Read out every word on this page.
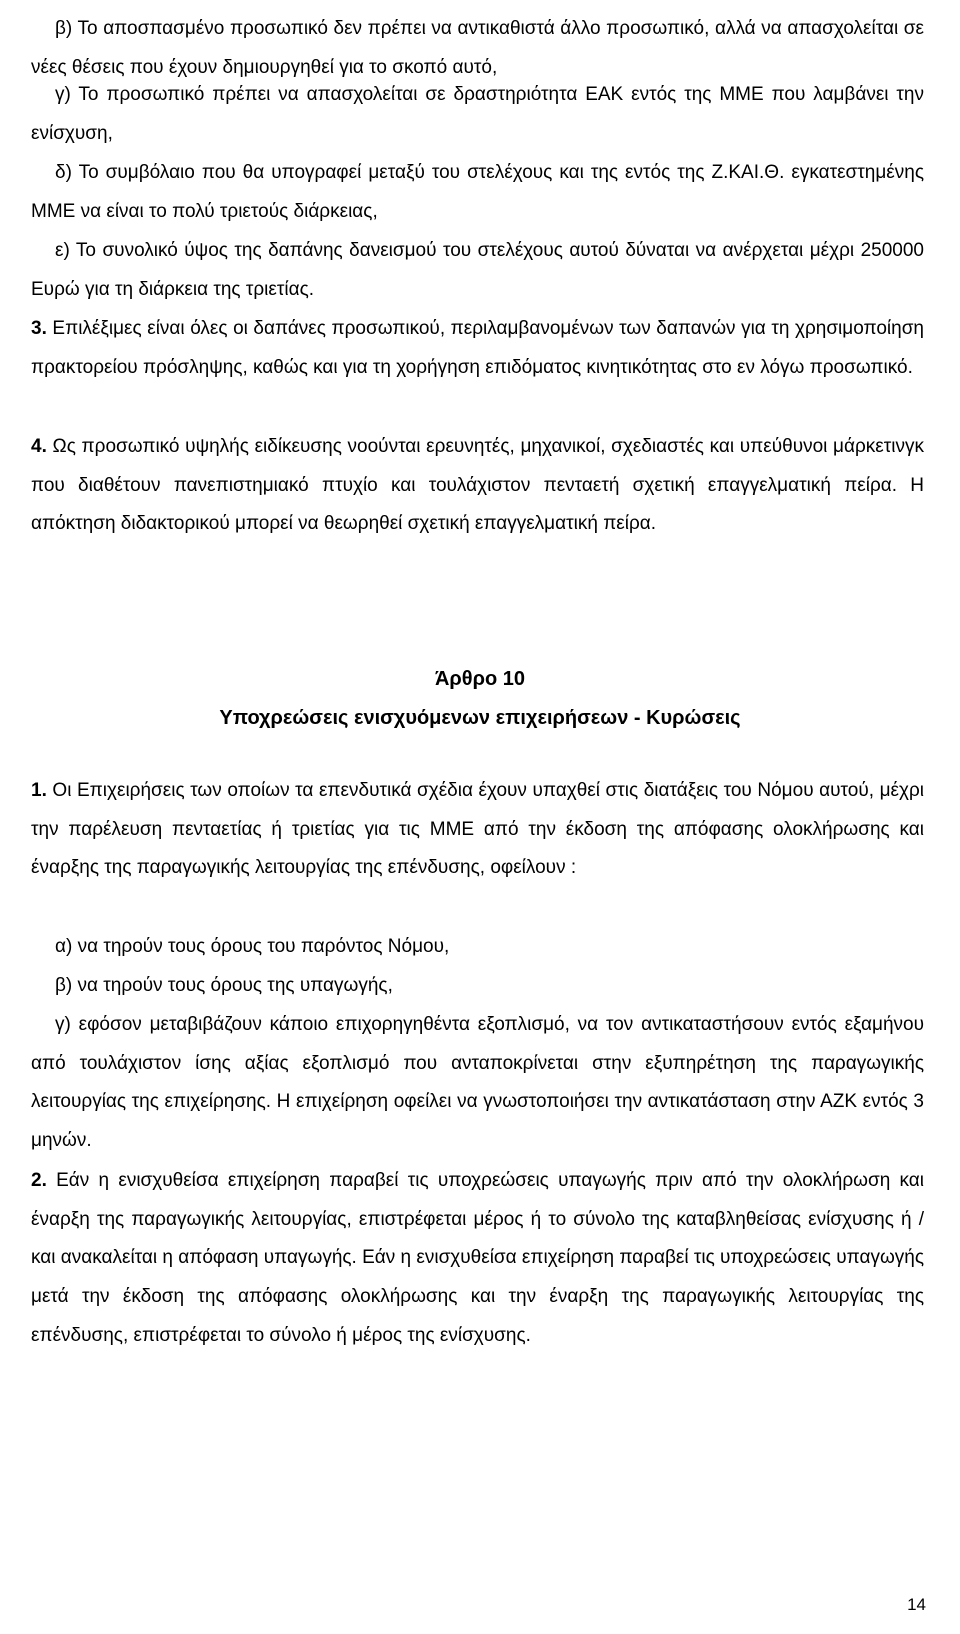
β) Το αποσπασμένο προσωπικό δεν πρέπει να αντικαθιστά άλλο προσωπικό, αλλά να απασχολείται σε νέες θέσεις που έχουν δημιουργηθεί για το σκοπό αυτό,

γ) Το προσωπικό πρέπει να απασχολείται σε δραστηριότητα ΕΑΚ εντός της ΜΜΕ που λαμβάνει την ενίσχυση,

δ) Το συμβόλαιο που θα υπογραφεί μεταξύ του στελέχους και της εντός της Ζ.ΚΑΙ.Θ. εγκατεστημένης ΜΜΕ να είναι το πολύ τριετούς διάρκειας,

ε) Το συνολικό ύψος της δαπάνης δανεισμού του στελέχους αυτού δύναται να ανέρχεται μέχρι 250000 Ευρώ για τη διάρκεια της τριετίας.

3. Επιλέξιμες είναι όλες οι δαπάνες προσωπικού, περιλαμβανομένων των δαπανών για τη χρησιμοποίηση πρακτορείου πρόσληψης, καθώς και για τη χορήγηση επιδόματος κινητικότητας στο εν λόγω προσωπικό.

4. Ως προσωπικό υψηλής ειδίκευσης νοούνται ερευνητές, μηχανικοί, σχεδιαστές και υπεύθυνοι μάρκετινγκ που διαθέτουν πανεπιστημιακό πτυχίο και τουλάχιστον πενταετή σχετική επαγγελματική πείρα. Η απόκτηση διδακτορικού μπορεί να θεωρηθεί σχετική επαγγελματική πείρα.

Άρθρο 10
Υποχρεώσεις ενισχυόμενων επιχειρήσεων - Κυρώσεις

1. Οι Επιχειρήσεις των οποίων τα επενδυτικά σχέδια έχουν υπαχθεί στις διατάξεις του Νόμου αυτού, μέχρι την παρέλευση πενταετίας ή τριετίας για τις ΜΜΕ από την έκδοση της απόφασης ολοκλήρωσης και έναρξης της παραγωγικής λειτουργίας της επένδυσης, οφείλουν :

α) να τηρούν τους όρους του παρόντος Νόμου,

β) να τηρούν τους όρους της υπαγωγής,

γ) εφόσον μεταβιβάζουν κάποιο επιχορηγηθέντα εξοπλισμό, να τον αντικαταστήσουν εντός εξαμήνου από τουλάχιστον ίσης αξίας εξοπλισμό που ανταποκρίνεται στην εξυπηρέτηση της παραγωγικής λειτουργίας της επιχείρησης. Η επιχείρηση οφείλει να γνωστοποιήσει την αντικατάσταση στην ΑΖΚ εντός 3 μηνών.

2. Εάν η ενισχυθείσα επιχείρηση παραβεί τις υποχρεώσεις υπαγωγής πριν από την ολοκλήρωση και έναρξη της παραγωγικής λειτουργίας, επιστρέφεται μέρος ή το σύνολο της καταβληθείσας ενίσχυσης ή / και ανακαλείται η απόφαση υπαγωγής. Εάν η ενισχυθείσα επιχείρηση παραβεί τις υποχρεώσεις υπαγωγής μετά την έκδοση της απόφασης ολοκλήρωσης και την έναρξη της παραγωγικής λειτουργίας της επένδυσης, επιστρέφεται το σύνολο ή μέρος της ενίσχυσης.

14
